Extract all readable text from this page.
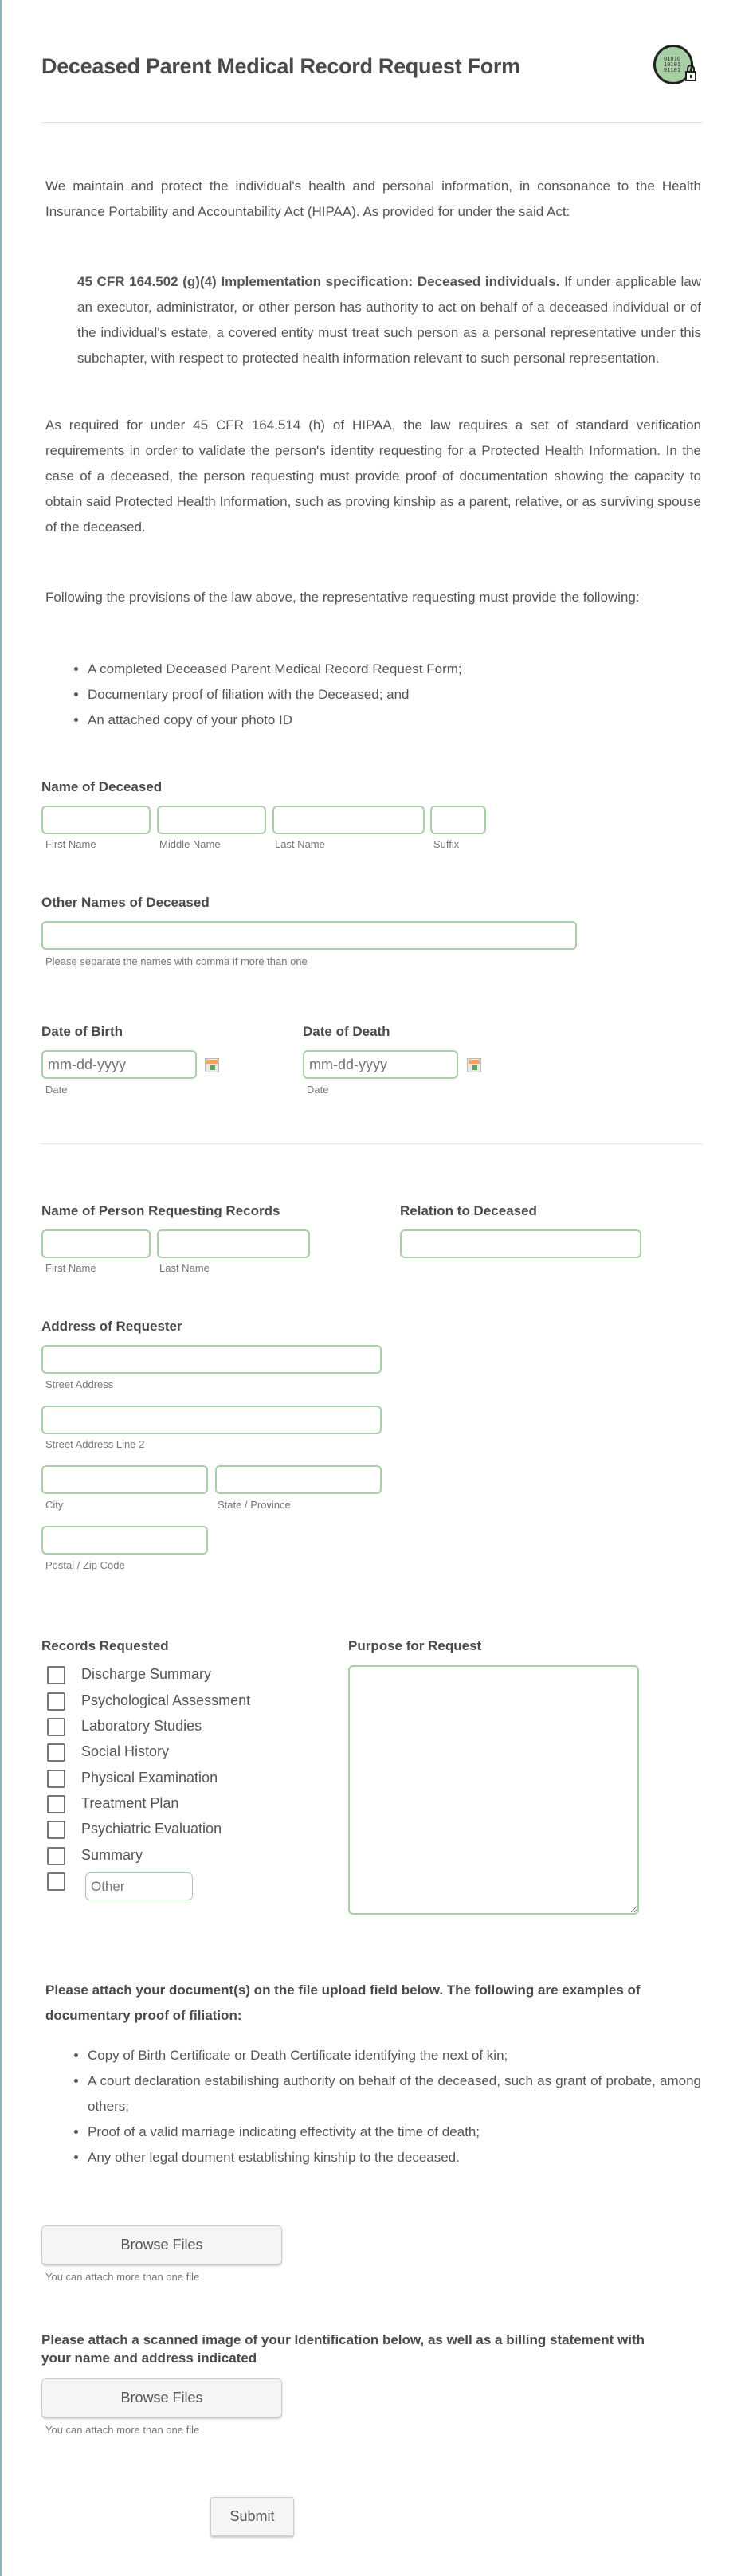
Deceased Parent Medical Record Request Form	01010 10101 01101

We maintain and protect the individual's health and personal information, in consonance to the Health Insurance Portability and Accountability Act (HIPAA). As provided for under the said Act:

45 CFR 164.502 (g)(4) Implementation specification: Deceased individuals. If under applicable law an executor, administrator, or other person has authority to act on behalf of a deceased individual or of the individual's estate, a covered entity must treat such person as a personal representative under this subchapter, with respect to protected health information relevant to such personal representation.

As required for under 45 CFR 164.514 (h) of HIPAA, the law requires a set of standard verification requirements in order to validate the person's identity requesting for a Protected Health Information. In the case of a deceased, the person requesting must provide proof of documentation showing the capacity to obtain said Protected Health Information, such as proving kinship as a parent, relative, or as surviving spouse of the deceased.

Following the provisions of the law above, the representative requesting must provide the following:

• A completed Deceased Parent Medical Record Request Form;
• Documentary proof of filiation with the Deceased; and
• An attached copy of your photo ID
Name of Deceased
First Name	Middle Name	Last Name	Suffix
Other Names of Deceased
Please separate the names with comma if more than one
Date of Birth
mm-dd-yyyy
Date
Date of Death
mm-dd-yyyy
Date
Name of Person Requesting Records
First Name	Last Name
Relation to Deceased
Address of Requester
Street Address
Street Address Line 2
City	State / Province
Postal / Zip Code
Records Requested
Discharge Summary
Psychological Assessment
Laboratory Studies
Social History
Physical Examination
Treatment Plan
Psychiatric Evaluation
Summary
Other
Purpose for Request

Please attach your document(s) on the file upload field below. The following are examples of documentary proof of filiation:

• Copy of Birth Certificate or Death Certificate identifying the next of kin;
• A court declaration estabilishing authority on behalf of the deceased, such as grant of probate, among others;
• Proof of a valid marriage indicating effectivity at the time of death;
• Any other legal doument establishing kinship to the deceased.
Browse Files
You can attach more than one file
Please attach a scanned image of your Identification below, as well as a billing statement with your name and address indicated
Browse Files
You can attach more than one file
Submit
